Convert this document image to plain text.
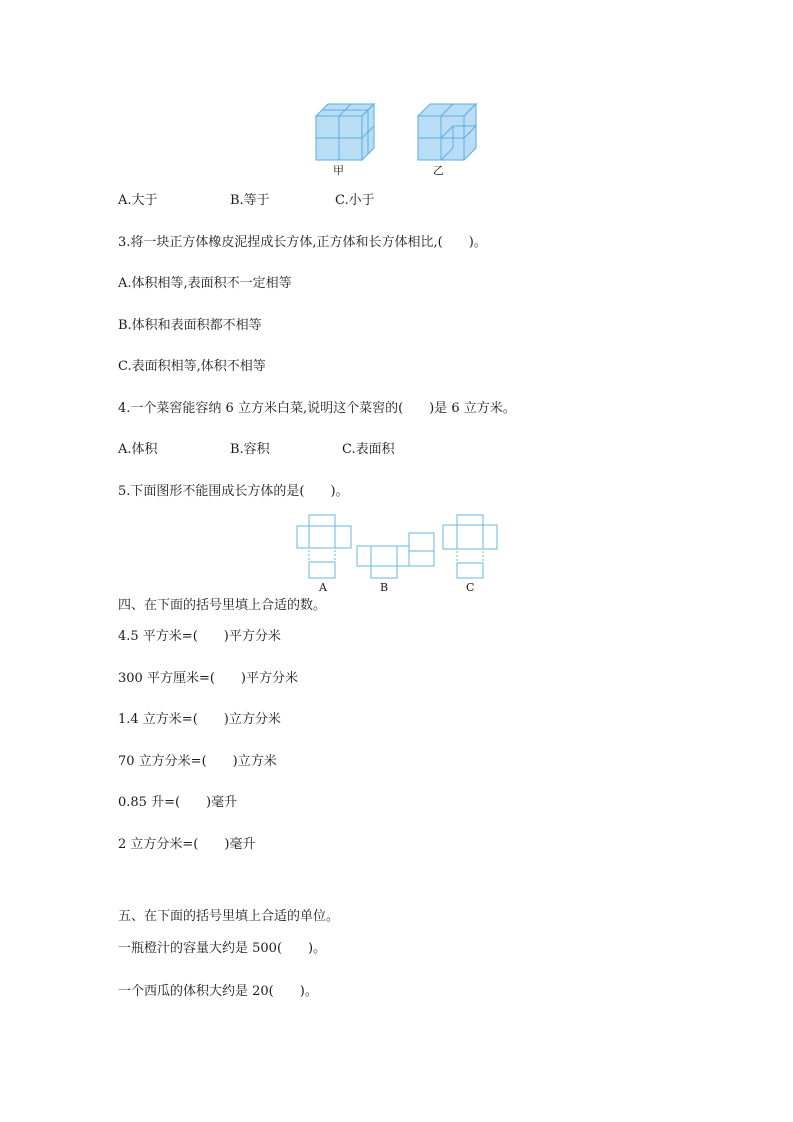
甲	乙
A.大于	B.等于	C.小于
3.将一块正方体橡皮泥捏成长方体,正方体和长方体相比,(　　)。
A.体积相等,表面积不一定相等
B.体积和表面积都不相等
C.表面积相等,体积不相等
4.一个菜窖能容纳 6 立方米白菜,说明这个菜窖的(　　)是 6 立方米。
A.体积	B.容积	C.表面积
5.下面图形不能围成长方体的是(　　)。
A	B	C
四、在下面的括号里填上合适的数。
4.5 平方米=(　　)平方分米
300 平方厘米=(　　)平方分米
1.4 立方米=(　　)立方分米
70 立方分米=(　　)立方米
0.85 升=(　　)毫升
2 立方分米=(　　)毫升
五、在下面的括号里填上合适的单位。
一瓶橙汁的容量大约是 500(　　)。
一个西瓜的体积大约是 20(　　)。
